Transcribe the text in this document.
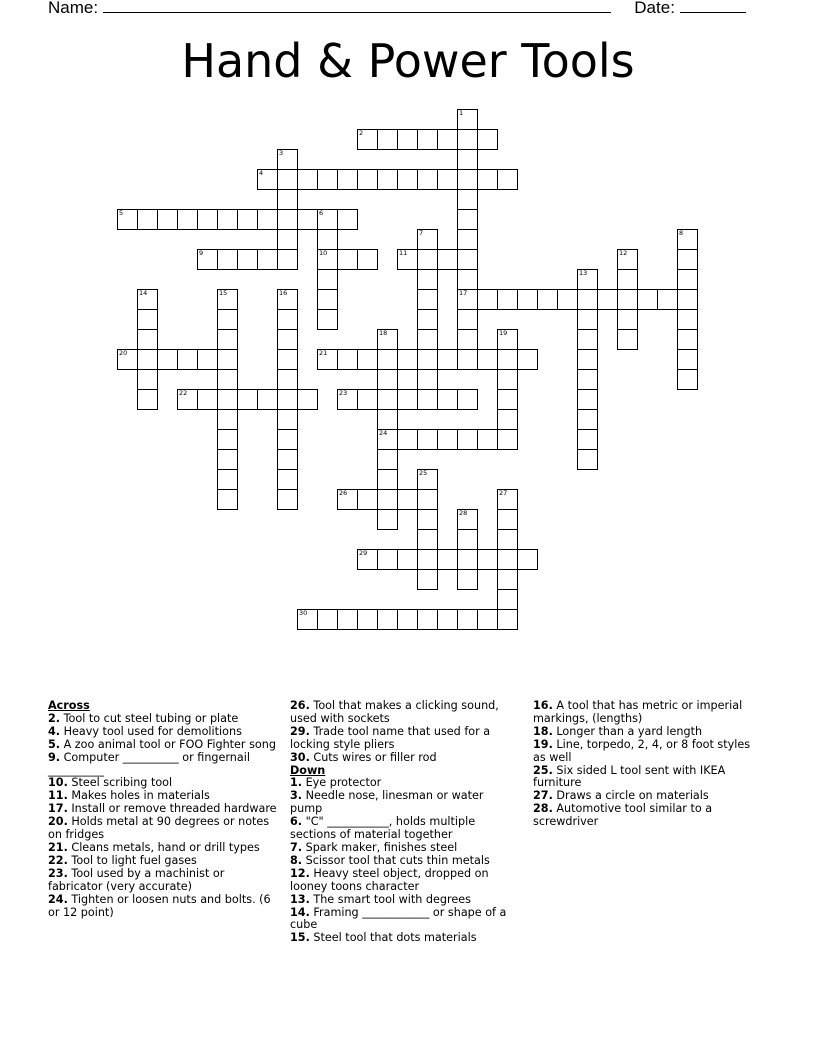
Name:	Date:
Hand & Power Tools
1
17
2
3
4
5	6
10
7	8
9	11	12
13
14	15	16
18
24
19
20	21
22	23
25
26	27
28
29
30
Across
2. Tool to cut steel tubing or plate
4. Heavy tool used for demolitions
5. A zoo animal tool or FOO Fighter song
9. Computer __________ or fingernail __________
10. Steel scribing tool
11. Makes holes in materials
17. Install or remove threaded hardware
20. Holds metal at 90 degrees or notes on fridges
21. Cleans metals, hand or drill types
22. Tool to light fuel gases
23. Tool used by a machinist or fabricator (very accurate)
24. Tighten or loosen nuts and bolts. (6 or 12 point)
26. Tool that makes a clicking sound, used with sockets
29. Trade tool name that used for a locking style pliers
30. Cuts wires or filler rod
Down
1. Eye protector
3. Needle nose, linesman or water pump
6. "C" ___________, holds multiple sections of material together
7. Spark maker, finishes steel
8. Scissor tool that cuts thin metals
12. Heavy steel object, dropped on looney toons character
13. The smart tool with degrees
14. Framing ____________ or shape of a cube
15. Steel tool that dots materials
16. A tool that has metric or imperial markings, (lengths)
18. Longer than a yard length
19. Line, torpedo, 2, 4, or 8 foot styles as well
25. Six sided L tool sent with IKEA furniture
27. Draws a circle on materials
28. Automotive tool similar to a screwdriver
